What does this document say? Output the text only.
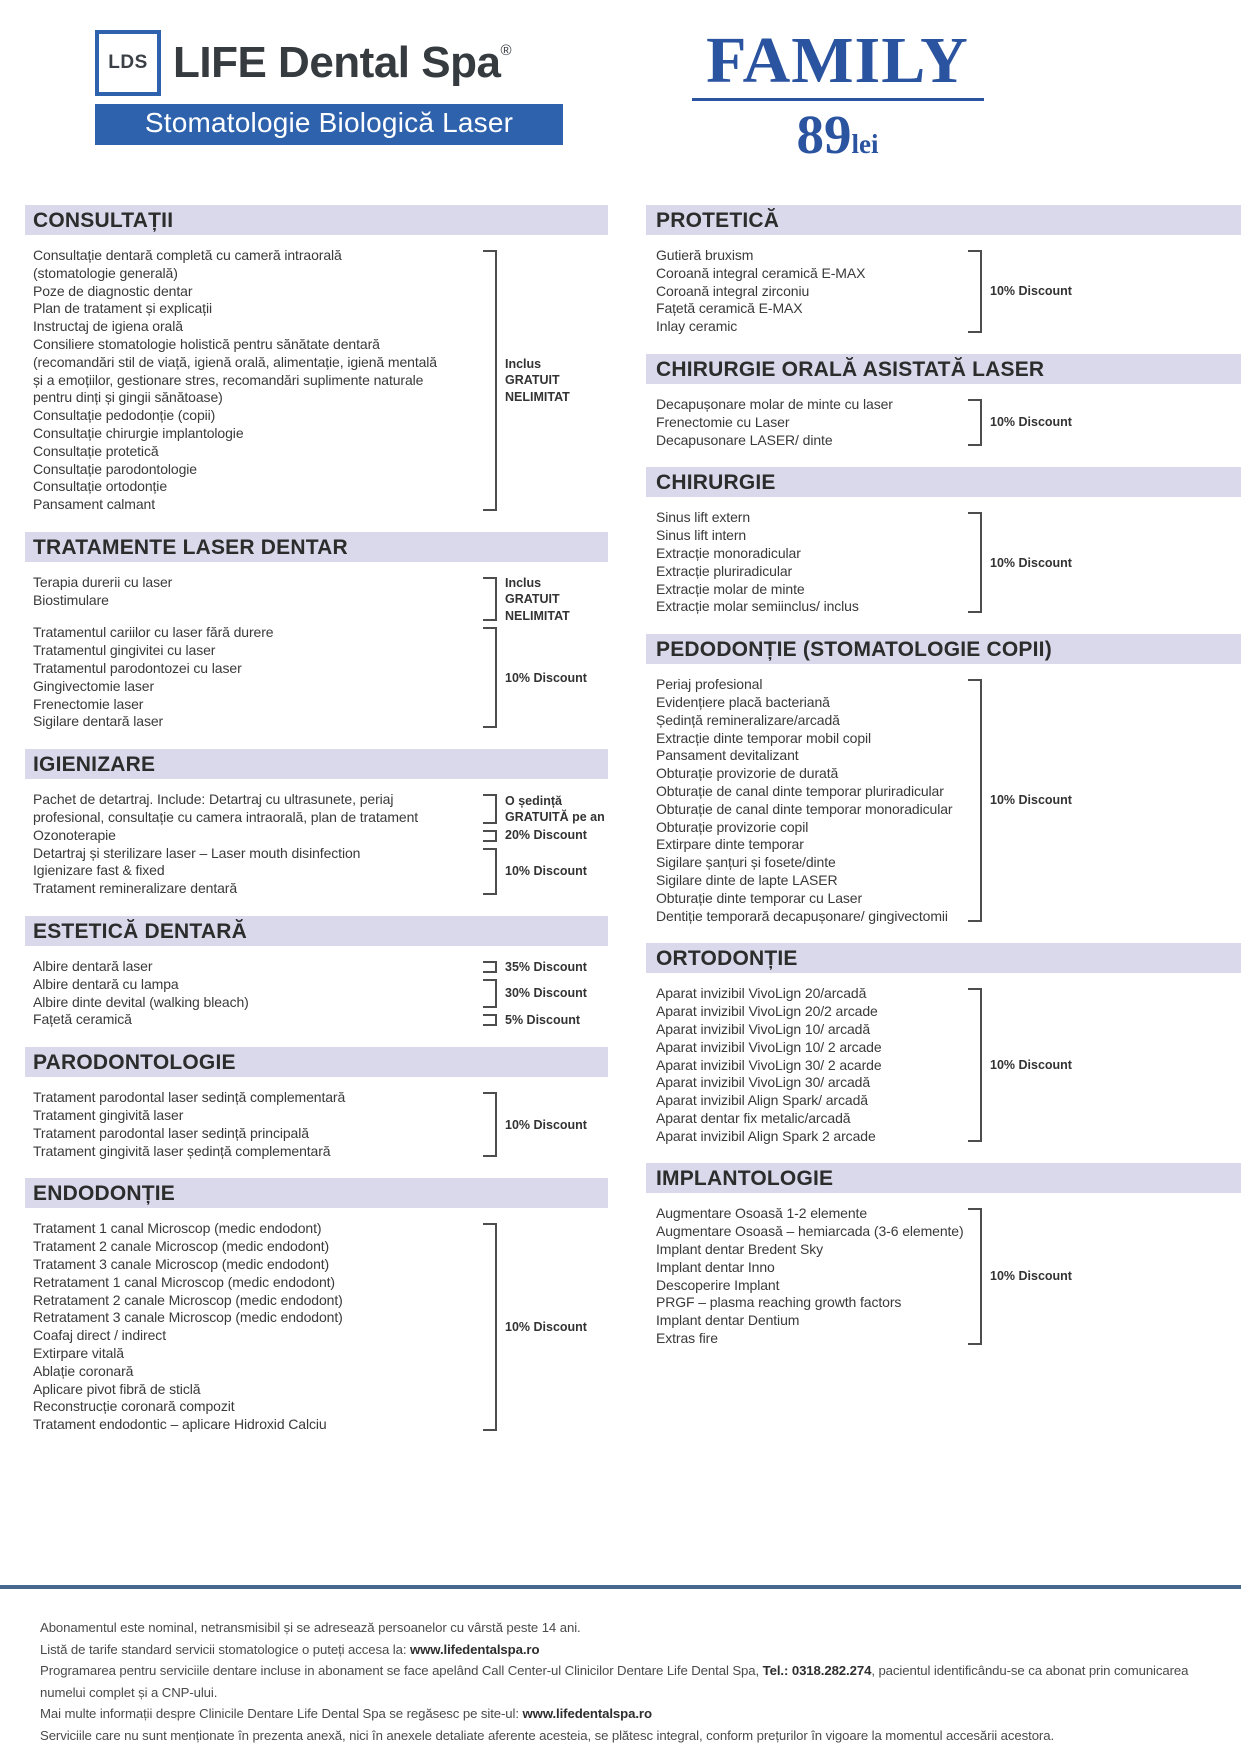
LDS LIFE Dental Spa®
Stomatologie Biologică Laser
FAMILY
89lei
CONSULTAȚII
Consultație dentară completă cu cameră intraorală
(stomatologie generală)
Poze de diagnostic dentar
Plan de tratament și explicații
Instructaj de igiena orală
Consiliere stomatologie holistică pentru sănătate dentară
(recomandări stil de viață, igienă orală, alimentație, igienă mentală
și a emoțiilor, gestionare stres, recomandări suplimente naturale
pentru dinți și gingii sănătoase)
Consultație pedodonție (copii)
Consultație chirurgie implantologie
Consultație protetică
Consultație parodontologie
Consultație ortodonție
Pansament calmant
Inclus
GRATUIT
NELIMITAT
TRATAMENTE LASER DENTAR
Terapia durerii cu laser
Biostimulare
Inclus
GRATUIT
NELIMITAT
Tratamentul cariilor cu laser fără durere
Tratamentul gingivitei cu laser
Tratamentul parodontozei cu laser
Gingivectomie laser
Frenectomie laser
Sigilare dentară laser
10% Discount
IGIENIZARE
Pachet de detartraj. Include: Detartraj cu ultrasunete, periaj
profesional, consultație cu camera intraorală, plan de tratament
O ședință
GRATUITĂ pe an
Ozonoterapie	20% Discount
Detartraj și sterilizare laser – Laser mouth disinfection
Igienizare fast & fixed
Tratament remineralizare dentară
10% Discount
ESTETICĂ DENTARĂ
Albire dentară laser	35% Discount
Albire dentară cu lampa
Albire dinte devital (walking bleach)
30% Discount
Fațetă ceramică	5% Discount
PARODONTOLOGIE
Tratament parodontal laser sedință complementară
Tratament gingivită laser
Tratament parodontal laser sedință principală
Tratament gingivită laser ședință complementară
10% Discount
ENDODONȚIE
Tratament 1 canal Microscop (medic endodont)
Tratament 2 canale Microscop (medic endodont)
Tratament 3 canale Microscop (medic endodont)
Retratament 1 canal Microscop (medic endodont)
Retratament 2 canale Microscop (medic endodont)
Retratament 3 canale Microscop (medic endodont)
Coafaj direct / indirect
Extirpare vitală
Ablație coronară
Aplicare pivot fibră de sticlă
Reconstrucție coronară compozit
Tratament endodontic – aplicare Hidroxid Calciu
10% Discount
PROTETICĂ
Gutieră bruxism
Coroană integral ceramică E-MAX
Coroană integral zirconiu
Fațetă ceramică E-MAX
Inlay ceramic
10% Discount
CHIRURGIE ORALĂ ASISTATĂ LASER
Decapușonare molar de minte cu laser
Frenectomie cu Laser
Decapusonare LASER/ dinte
10% Discount
CHIRURGIE
Sinus lift extern
Sinus lift intern
Extracție monoradicular
Extracție pluriradicular
Extracție molar de minte
Extracție molar semiinclus/ inclus
10% Discount
PEDODONȚIE (STOMATOLOGIE COPII)
Periaj profesional
Evidențiere placă bacteriană
Ședință remineralizare/arcadă
Extracție dinte temporar mobil copil
Pansament devitalizant
Obturație provizorie de durată
Obturație de canal dinte temporar pluriradicular
Obturație de canal dinte temporar monoradicular
Obturație provizorie copil
Extirpare dinte temporar
Sigilare șanțuri și fosete/dinte
Sigilare dinte de lapte LASER
Obturație dinte temporar cu Laser
Dentiție temporară decapușonare/ gingivectomii
10% Discount
ORTODONȚIE
Aparat invizibil VivoLign 20/arcadă
Aparat invizibil VivoLign 20/2 arcade
Aparat invizibil VivoLign 10/ arcadă
Aparat invizibil VivoLign 10/ 2 arcade
Aparat invizibil VivoLign 30/ 2 acarde
Aparat invizibil VivoLign 30/ arcadă
Aparat invizibil Align Spark/ arcadă
Aparat dentar fix metalic/arcadă
Aparat invizibil Align Spark 2 arcade
10% Discount
IMPLANTOLOGIE
Augmentare Osoasă 1-2 elemente
Augmentare Osoasă – hemiarcada (3-6 elemente)
Implant dentar Bredent Sky
Implant dentar Inno
Descoperire Implant
PRGF – plasma reaching growth factors
Implant dentar Dentium
Extras fire
10% Discount

Abonamentul este nominal, netransmisibil și se adresează persoanelor cu vârstă peste 14 ani.

Listă de tarife standard servicii stomatologice o puteți accesa la: www.lifedentalspa.ro

Programarea pentru serviciile dentare incluse in abonament se face apelând Call Center-ul Clinicilor Dentare Life Dental Spa, Tel.: 0318.282.274, pacientul identificându-se ca abonat prin comunicarea numelui complet și a CNP-ului.

Mai multe informații despre Clinicile Dentare Life Dental Spa se regăsesc pe site-ul: www.lifedentalspa.ro

Serviciile care nu sunt menționate în prezenta anexă, nici în anexele detaliate aferente acesteia, se plătesc integral, conform prețurilor în vigoare la momentul accesării acestora.
